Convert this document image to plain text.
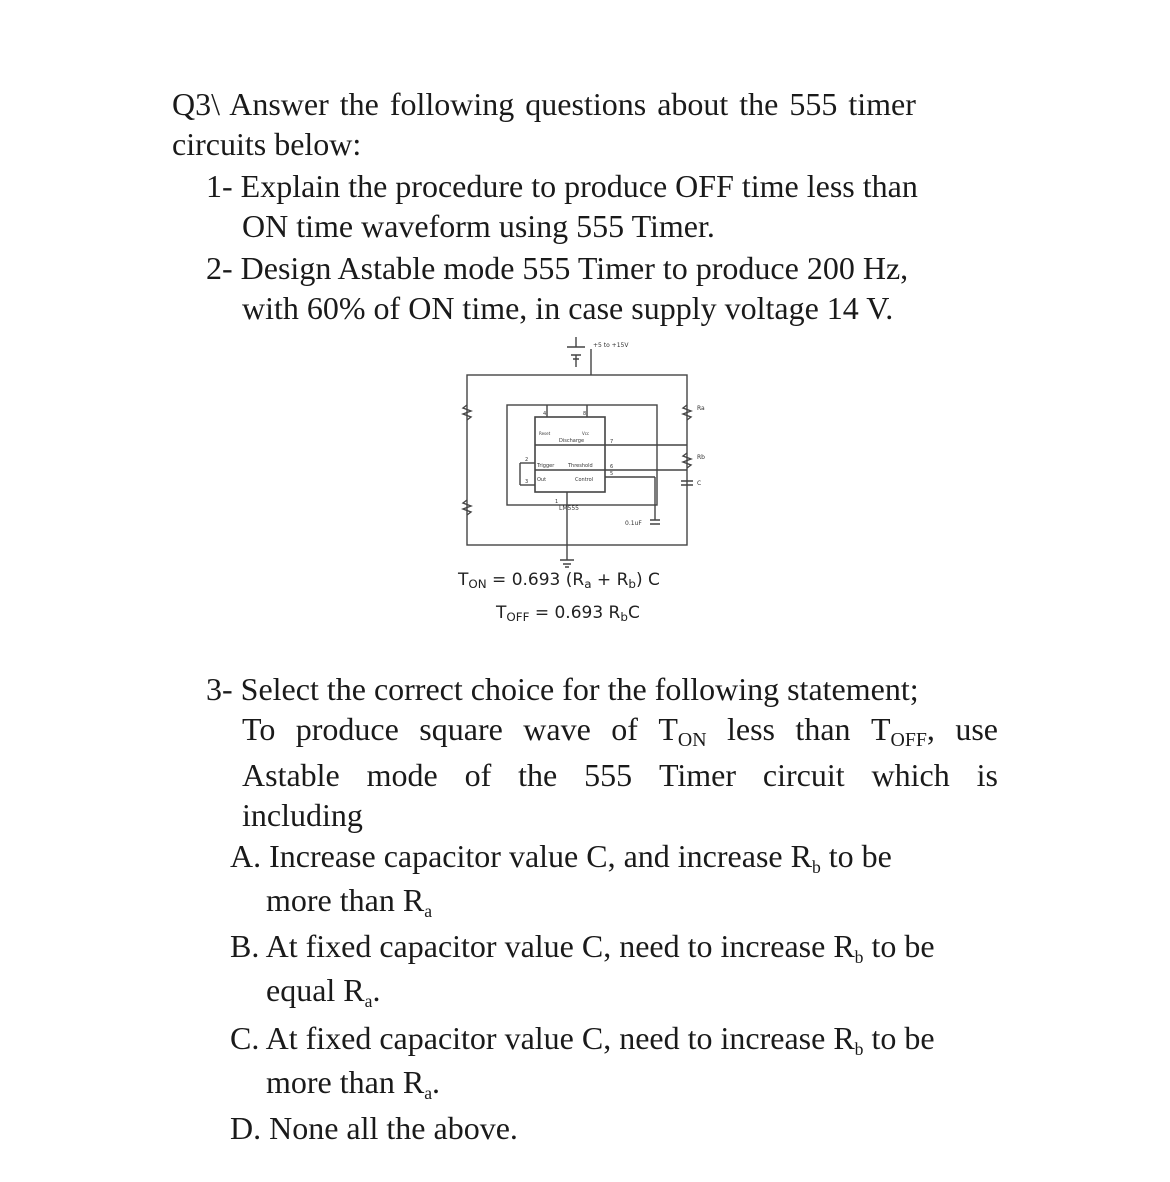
Q3\ Answer the following questions about the 555 timer
circuits below:
1- Explain the procedure to produce OFF time less than
ON time waveform using 555 Timer.
2- Design Astable mode 555 Timer to produce 200 Hz,
with 60% of ON time, in case supply voltage 14 V.
+5 to +15V
Ra
Rb
C
0.1uF
LM555
Discharge
Trigger	Threshold
Out	Control
Reset	Vcc
4	8
7
2
6
3
5
1
$T_{ON} = 0.693$ $(R_a + R_b)$ C
$T_{OFF} = 0.693$ $R_bC$
3- Select the correct choice for the following statement;
To produce square wave of $T_{ON}$ less than $T_{OFF}$, use
Astable mode of the 555 Timer circuit which is
including
A. Increase capacitor value C, and increase $R_b$ to be
more than $R_a$
B. At fixed capacitor value C, need to increase $R_b$ to be
equal $R_a$.
C. At fixed capacitor value C, need to increase $R_b$ to be
more than $R_a$.
D. None all the above.
